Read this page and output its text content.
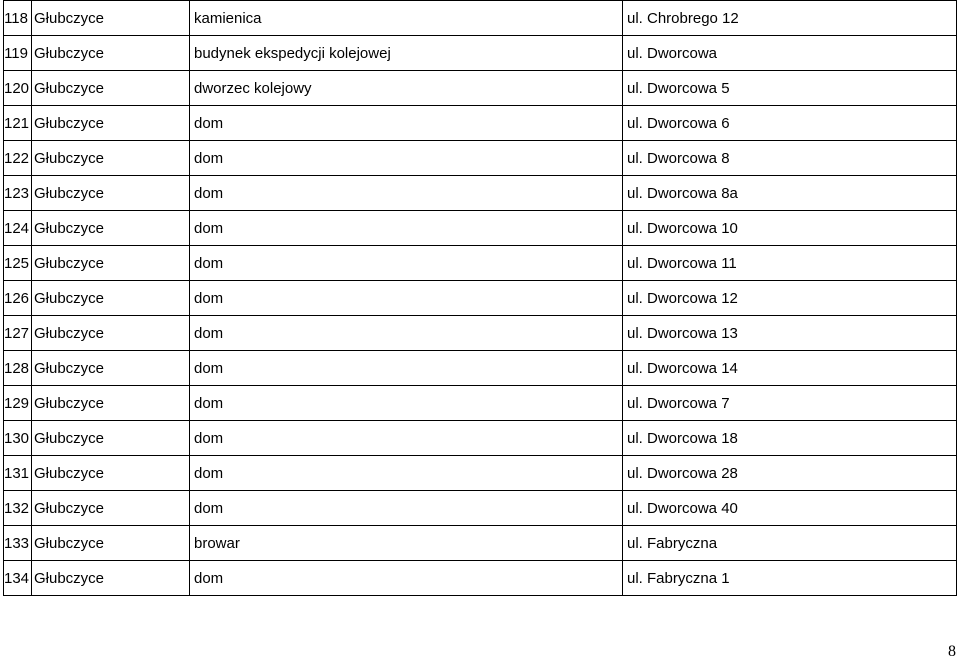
118	Głubczyce	kamienica	ul. Chrobrego 12
119	Głubczyce	budynek ekspedycji kolejowej	ul. Dworcowa
120	Głubczyce	dworzec kolejowy	ul. Dworcowa 5
121	Głubczyce	dom	ul. Dworcowa 6
122	Głubczyce	dom	ul. Dworcowa 8
123	Głubczyce	dom	ul. Dworcowa 8a
124	Głubczyce	dom	ul. Dworcowa 10
125	Głubczyce	dom	ul. Dworcowa 11
126	Głubczyce	dom	ul. Dworcowa 12
127	Głubczyce	dom	ul. Dworcowa 13
128	Głubczyce	dom	ul. Dworcowa 14
129	Głubczyce	dom	ul. Dworcowa 7
130	Głubczyce	dom	ul. Dworcowa 18
131	Głubczyce	dom	ul. Dworcowa 28
132	Głubczyce	dom	ul. Dworcowa 40
133	Głubczyce	browar	ul. Fabryczna
134	Głubczyce	dom	ul. Fabryczna 1
8
